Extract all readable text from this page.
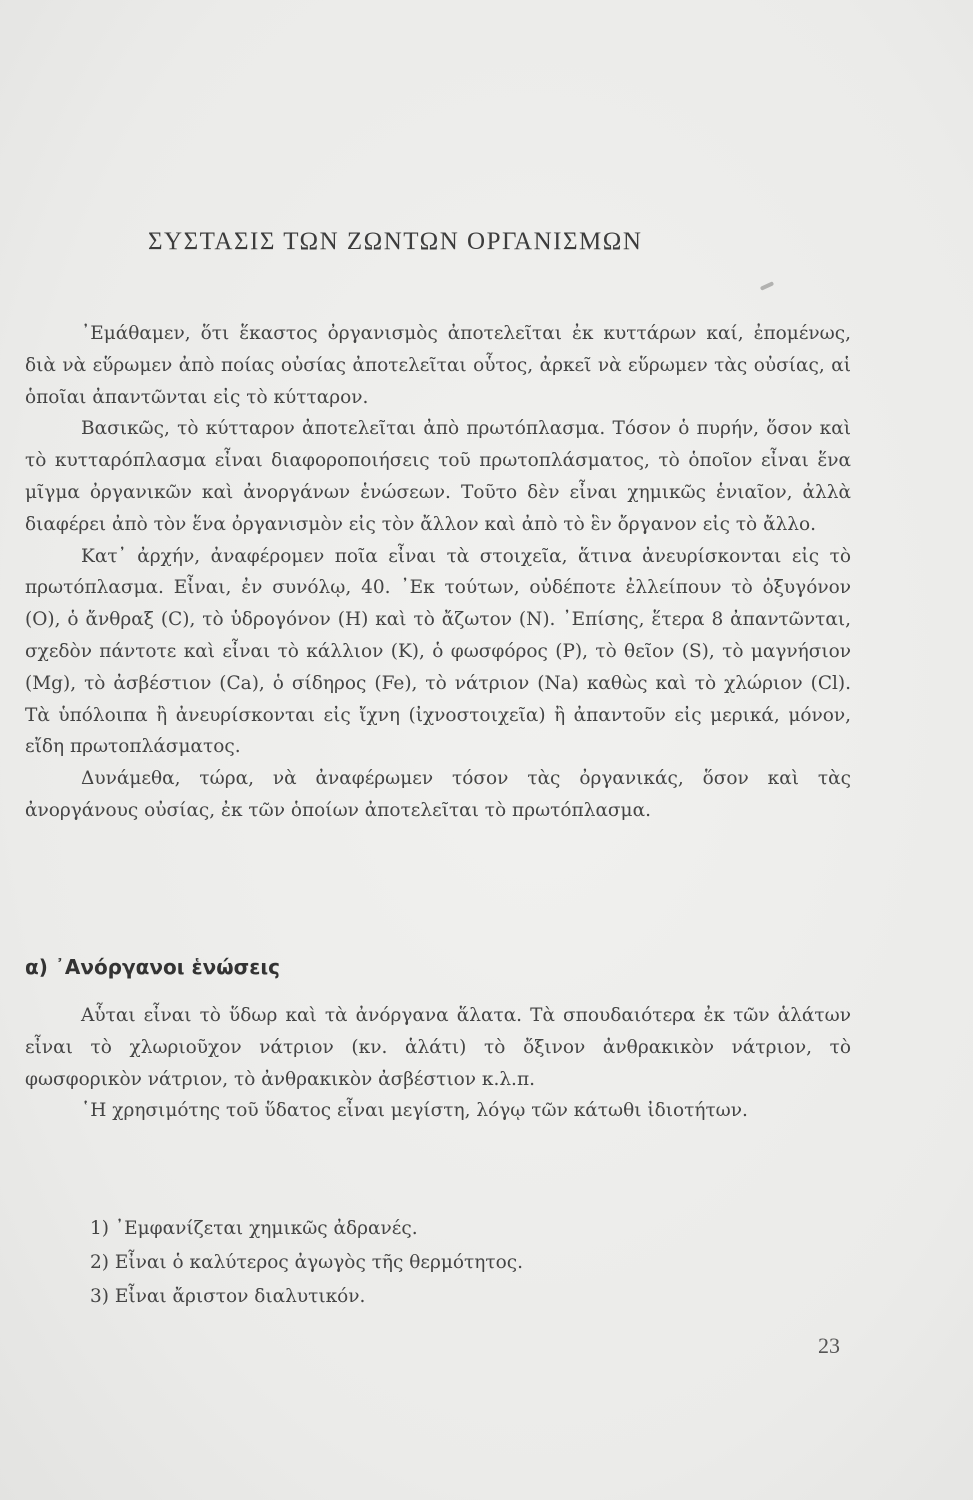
ΣΥΣΤΑΣΙΣ ΤΩΝ ΖΩΝΤΩΝ ΟΡΓΑΝΙΣΜΩΝ

᾿Εμάθαμεν, ὅτι ἕκαστος ὀργανισμὸς ἀποτελεῖται ἐκ κυττάρων καί, ἐπομένως, διὰ νὰ εὕρωμεν ἀπὸ ποίας οὐσίας ἀποτελεῖται οὗτος, ἀρκεῖ νὰ εὕρωμεν τὰς οὐσίας, αἱ ὁποῖαι ἀπαντῶνται εἰς τὸ κύτταρον.

Βασικῶς, τὸ κύτταρον ἀποτελεῖται ἀπὸ πρωτόπλασμα. Τόσον ὁ πυρήν, ὅσον καὶ τὸ κυτταρόπλασμα εἶναι διαφοροποιήσεις τοῦ πρωτοπλάσματος, τὸ ὁποῖον εἶναι ἕνα μῖγμα ὀργανικῶν καὶ ἀνοργάνων ἑνώσεων. Τοῦτο δὲν εἶναι χημικῶς ἑνιαῖον, ἀλλὰ διαφέρει ἀπὸ τὸν ἕνα ὀργανισμὸν εἰς τὸν ἄλλον καὶ ἀπὸ τὸ ἓν ὄργανον εἰς τὸ ἄλλο.

Κατ᾿ ἀρχήν, ἀναφέρομεν ποῖα εἶναι τὰ στοιχεῖα, ἅτινα ἀνευρίσκονται εἰς τὸ πρωτόπλασμα. Εἶναι, ἐν συνόλῳ, 40. ᾿Εκ τούτων, οὐδέποτε ἐλλείπουν τὸ ὀξυγόνον (O), ὁ ἄνθραξ (C), τὸ ὑδρογόνον (H) καὶ τὸ ἄζωτον (N). ᾿Επίσης, ἕτερα 8 ἀπαντῶνται, σχεδὸν πάντοτε καὶ εἶναι τὸ κάλλιον (K), ὁ φωσφόρος (P), τὸ θεῖον (S), τὸ μαγνήσιον (Mg), τὸ ἀσβέστιον (Ca), ὁ σίδηρος (Fe), τὸ νάτριον (Na) καθὼς καὶ τὸ χλώριον (Cl). Τὰ ὑπόλοιπα ἢ ἀνευρίσκονται εἰς ἴχνη (ἰχνοστοιχεῖα) ἢ ἀπαντοῦν εἰς μερικά, μόνον, εἴδη πρωτοπλάσματος.

Δυνάμεθα, τώρα, νὰ ἀναφέρωμεν τόσον τὰς ὀργανικάς, ὅσον καὶ τὰς ἀνοργάνους οὐσίας, ἐκ τῶν ὁποίων ἀποτελεῖται τὸ πρωτόπλασμα.

α) ᾿Ανόργανοι ἑνώσεις

Αὗται εἶναι τὸ ὕδωρ καὶ τὰ ἀνόργανα ἅλατα. Τὰ σπουδαιότερα ἐκ τῶν ἁλάτων εἶναι τὸ χλωριοῦχον νάτριον (κν. ἁλάτι) τὸ ὄξινον ἀνθρακικὸν νάτριον, τὸ φωσφορικὸν νάτριον, τὸ ἀνθρακικὸν ἀσβέστιον κ.λ.π.

῾Η χρησιμότης τοῦ ὕδατος εἶναι μεγίστη, λόγῳ τῶν κάτωθι ἰδιοτήτων.

1) ᾿Εμφανίζεται χημικῶς ἀδρανές.
2) Εἶναι ὁ καλύτερος ἀγωγὸς τῆς θερμότητος.
3) Εἶναι ἄριστον διαλυτικόν.
23
